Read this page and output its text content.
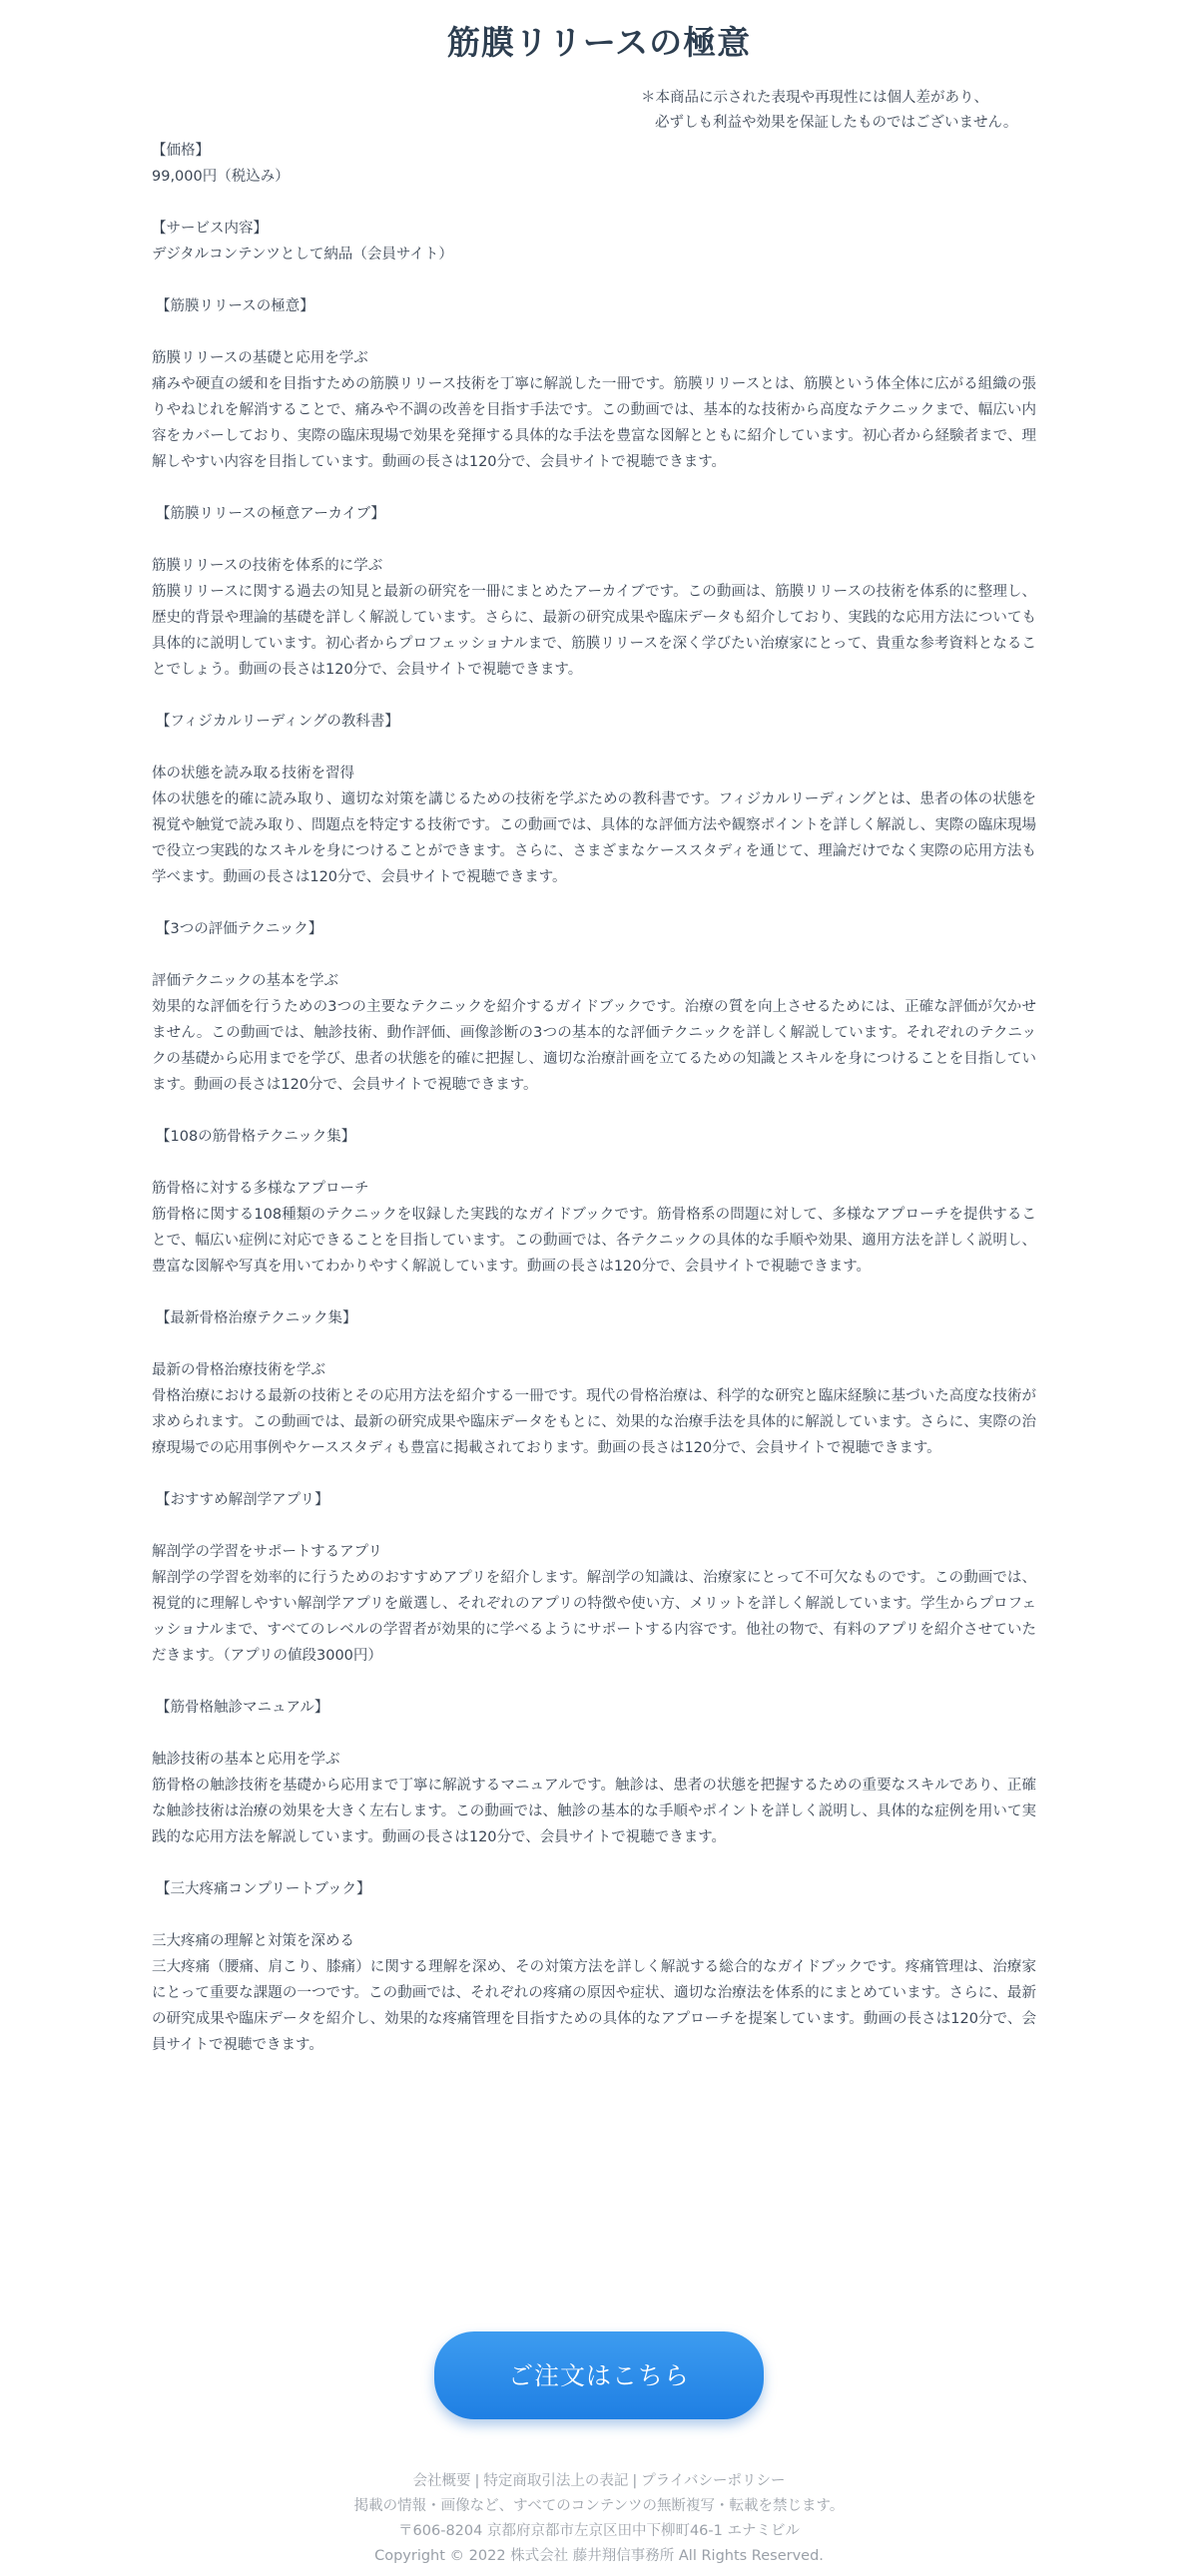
筋膜リリースの極意
＊本商品に示された表現や再現性には個人差があり、
必ずしも利益や効果を保証したものではございません。
【価格】
99,000円（税込み）
【サービス内容】
デジタルコンテンツとして納品（会員サイト）
【筋膜リリースの極意】
筋膜リリースの基礎と応用を学ぶ
痛みや硬直の緩和を目指すための筋膜リリース技術を丁寧に解説した一冊です。筋膜リリースとは、筋膜という体全体に広がる組織の張りやねじれを解消することで、痛みや不調の改善を目指す手法です。この動画では、基本的な技術から高度なテクニックまで、幅広い内容をカバーしており、実際の臨床現場で効果を発揮する具体的な手法を豊富な図解とともに紹介しています。初心者から経験者まで、理解しやすい内容を目指しています。動画の長さは120分で、会員サイトで視聴できます。
【筋膜リリースの極意アーカイブ】
筋膜リリースの技術を体系的に学ぶ
筋膜リリースに関する過去の知見と最新の研究を一冊にまとめたアーカイブです。この動画は、筋膜リリースの技術を体系的に整理し、歴史的背景や理論的基礎を詳しく解説しています。さらに、最新の研究成果や臨床データも紹介しており、実践的な応用方法についても具体的に説明しています。初心者からプロフェッショナルまで、筋膜リリースを深く学びたい治療家にとって、貴重な参考資料となることでしょう。動画の長さは120分で、会員サイトで視聴できます。
【フィジカルリーディングの教科書】
体の状態を読み取る技術を習得
体の状態を的確に読み取り、適切な対策を講じるための技術を学ぶための教科書です。フィジカルリーディングとは、患者の体の状態を視覚や触覚で読み取り、問題点を特定する技術です。この動画では、具体的な評価方法や観察ポイントを詳しく解説し、実際の臨床現場で役立つ実践的なスキルを身につけることができます。さらに、さまざまなケーススタディを通じて、理論だけでなく実際の応用方法も学べます。動画の長さは120分で、会員サイトで視聴できます。
【3つの評価テクニック】
評価テクニックの基本を学ぶ
効果的な評価を行うための3つの主要なテクニックを紹介するガイドブックです。治療の質を向上させるためには、正確な評価が欠かせません。この動画では、触診技術、動作評価、画像診断の3つの基本的な評価テクニックを詳しく解説しています。それぞれのテクニックの基礎から応用までを学び、患者の状態を的確に把握し、適切な治療計画を立てるための知識とスキルを身につけることを目指しています。動画の長さは120分で、会員サイトで視聴できます。
【108の筋骨格テクニック集】
筋骨格に対する多様なアプローチ
筋骨格に関する108種類のテクニックを収録した実践的なガイドブックです。筋骨格系の問題に対して、多様なアプローチを提供することで、幅広い症例に対応できることを目指しています。この動画では、各テクニックの具体的な手順や効果、適用方法を詳しく説明し、豊富な図解や写真を用いてわかりやすく解説しています。動画の長さは120分で、会員サイトで視聴できます。
【最新骨格治療テクニック集】
最新の骨格治療技術を学ぶ
骨格治療における最新の技術とその応用方法を紹介する一冊です。現代の骨格治療は、科学的な研究と臨床経験に基づいた高度な技術が求められます。この動画では、最新の研究成果や臨床データをもとに、効果的な治療手法を具体的に解説しています。さらに、実際の治療現場での応用事例やケーススタディも豊富に掲載されております。動画の長さは120分で、会員サイトで視聴できます。
【おすすめ解剖学アプリ】
解剖学の学習をサポートするアプリ
解剖学の学習を効率的に行うためのおすすめアプリを紹介します。解剖学の知識は、治療家にとって不可欠なものです。この動画では、視覚的に理解しやすい解剖学アプリを厳選し、それぞれのアプリの特徴や使い方、メリットを詳しく解説しています。学生からプロフェッショナルまで、すべてのレベルの学習者が効果的に学べるようにサポートする内容です。他社の物で、有料のアプリを紹介させていただきます。（アプリの値段3000円）
【筋骨格触診マニュアル】
触診技術の基本と応用を学ぶ
筋骨格の触診技術を基礎から応用まで丁寧に解説するマニュアルです。触診は、患者の状態を把握するための重要なスキルであり、正確な触診技術は治療の効果を大きく左右します。この動画では、触診の基本的な手順やポイントを詳しく説明し、具体的な症例を用いて実践的な応用方法を解説しています。動画の長さは120分で、会員サイトで視聴できます。
【三大疼痛コンプリートブック】
三大疼痛の理解と対策を深める
三大疼痛（腰痛、肩こり、膝痛）に関する理解を深め、その対策方法を詳しく解説する総合的なガイドブックです。疼痛管理は、治療家にとって重要な課題の一つです。この動画では、それぞれの疼痛の原因や症状、適切な治療法を体系的にまとめています。さらに、最新の研究成果や臨床データを紹介し、効果的な疼痛管理を目指すための具体的なアプローチを提案しています。動画の長さは120分で、会員サイトで視聴できます。
ご注文はこちら
会社概要 | 特定商取引法上の表記 | プライバシーポリシー
掲載の情報・画像など、すべてのコンテンツの無断複写・転載を禁じます。
〒606-8204 京都府京都市左京区田中下柳町46-1 エナミビル
Copyright © 2022 株式会社 藤井翔信事務所 All Rights Reserved.
